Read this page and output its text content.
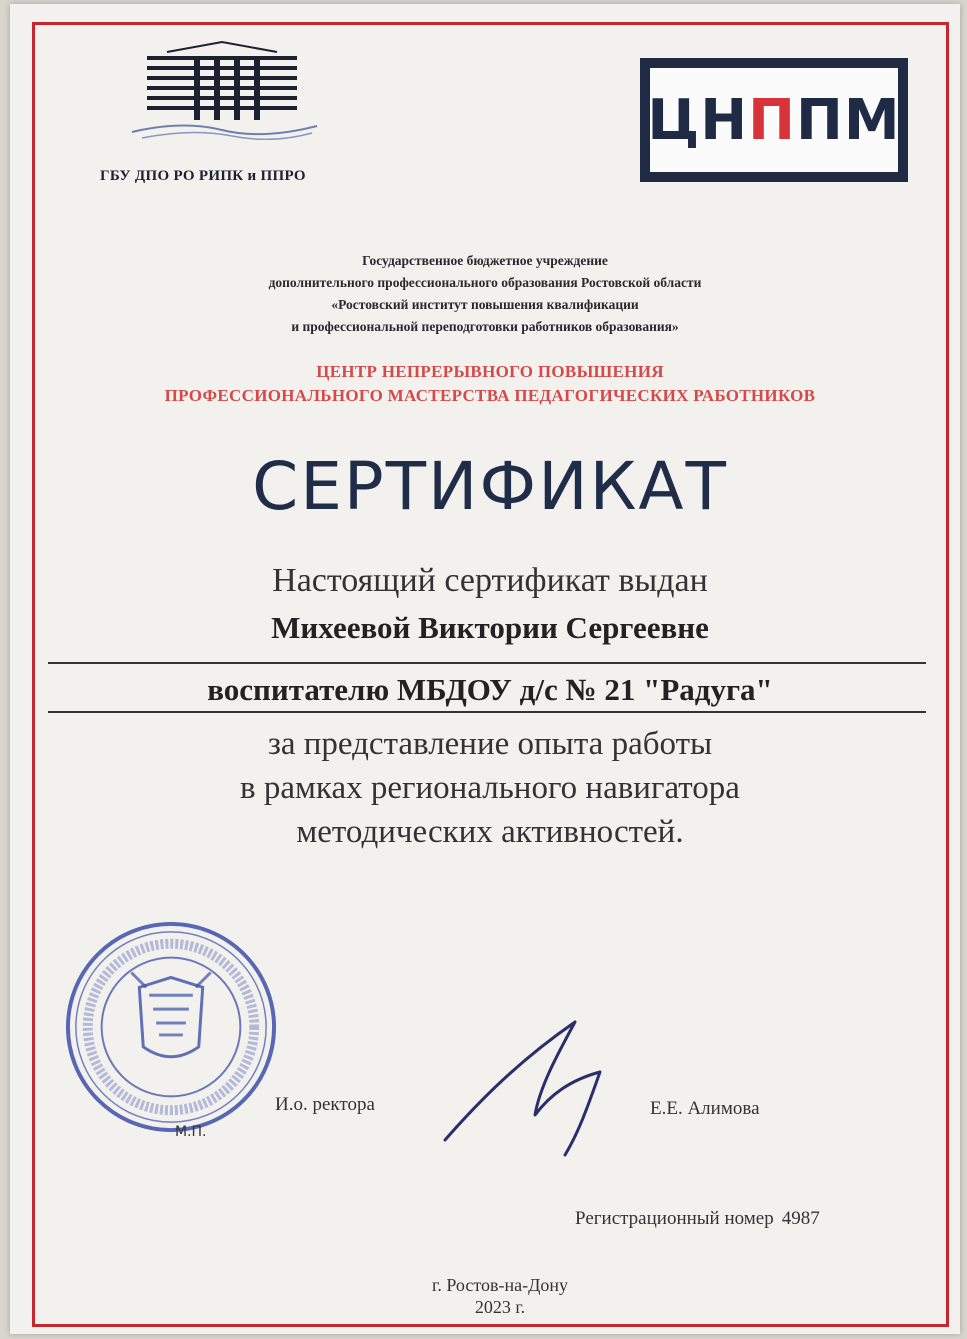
ГБУ ДПО РО РИПК и ППРО
ЦН П П М
Государственное бюджетное учреждение
дополнительного профессионального образования Ростовской области
«Ростовский институт повышения квалификации
и профессиональной переподготовки работников образования»
ЦЕНТР НЕПРЕРЫВНОГО ПОВЫШЕНИЯ
ПРОФЕССИОНАЛЬНОГО МАСТЕРСТВА ПЕДАГОГИЧЕСКИХ РАБОТНИКОВ
СЕРТИФИКАТ
Настоящий сертификат выдан
Михеевой Виктории Сергеевне
воспитателю МБДОУ д/с № 21 "Радуга"
за представление опыта работы
в рамках регионального навигатора
методических активностей.
М.П.
И.о. ректора	Е.Е. Алимова
Регистрационный номер 4987
г. Ростов-на-Дону
2023 г.
